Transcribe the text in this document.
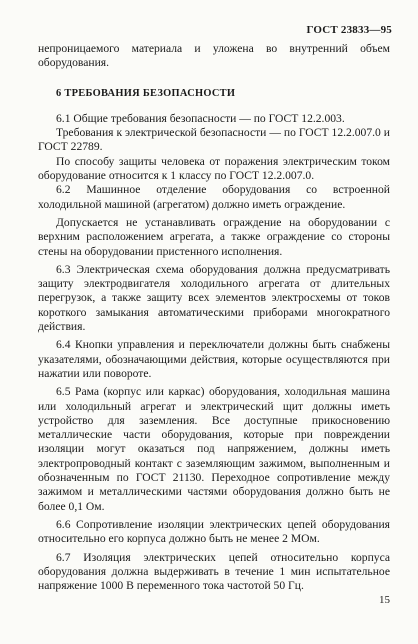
ГОСТ 23833—95

непроницаемого материала и уложена во внутренний объем оборудования.

6 ТРЕБОВАНИЯ БЕЗОПАСНОСТИ

6.1 Общие требования безопасности — по ГОСТ 12.2.003.

Требования к электрической безопасности — по ГОСТ 12.2.007.0 и ГОСТ 22789.

По способу защиты человека от поражения электрическим током оборудование относится к 1 классу по ГОСТ 12.2.007.0.

6.2 Машинное отделение оборудования со встроенной холодильной машиной (агрегатом) должно иметь ограждение.

Допускается не устанавливать ограждение на оборудовании с верхним расположением агрегата, а также ограждение со стороны стены на оборудовании пристенного исполнения.

6.3 Электрическая схема оборудования должна предусматривать защиту электродвигателя холодильного агрегата от длительных перегрузок, а также защиту всех элементов электросхемы от токов короткого замыкания автоматическими приборами многократного действия.

6.4 Кнопки управления и переключатели должны быть снабжены указателями, обозначающими действия, которые осуществляются при нажатии или повороте.

6.5 Рама (корпус или каркас) оборудования, холодильная машина или холодильный агрегат и электрический щит должны иметь устройство для заземления. Все доступные прикосновению металлические части оборудования, которые при повреждении изоляции могут оказаться под напряжением, должны иметь электропроводный контакт с заземляющим зажимом, выполненным и обозначенным по ГОСТ 21130. Переходное сопротивление между зажимом и металлическими частями оборудования должно быть не более 0,1 Ом.

6.6 Сопротивление изоляции электрических цепей оборудования относительно его корпуса должно быть не менее 2 МОм.

6.7 Изоляция электрических цепей относительно корпуса оборудования должна выдерживать в течение 1 мин испытательное напряжение 1000 В переменного тока частотой 50 Гц.

15
